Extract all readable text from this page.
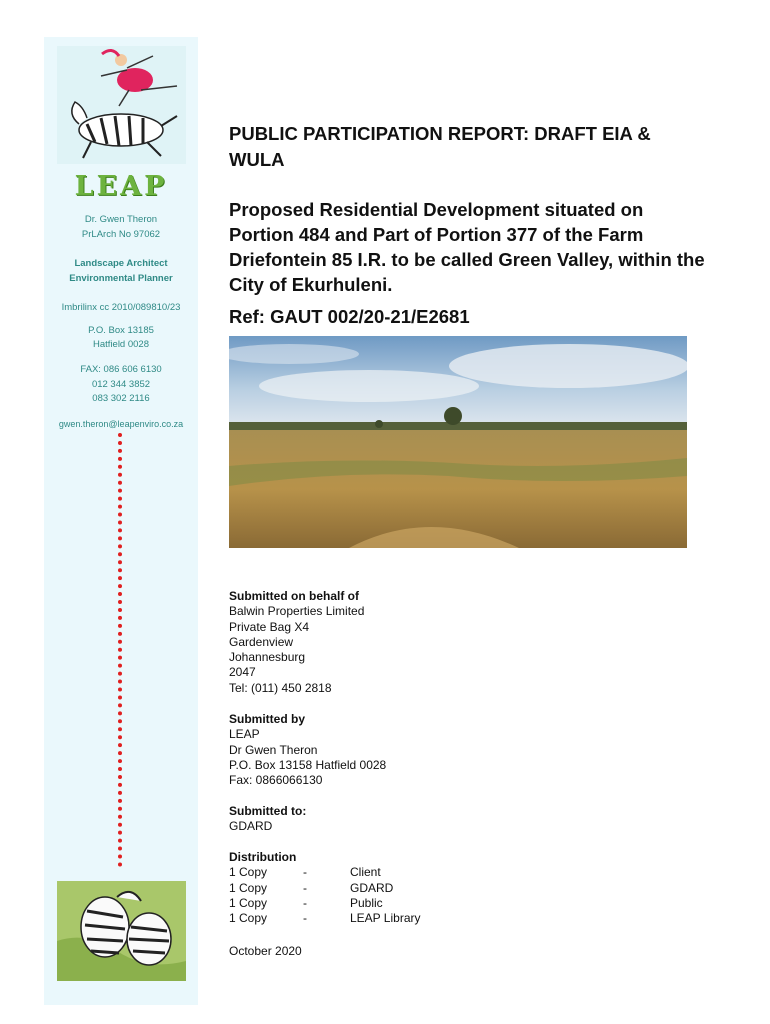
LEAP
Dr. Gwen Theron
PrLArch No 97062
Landscape Architect
Environmental Planner
Imbrilinx cc 2010/089810/23
P.O. Box 13185
Hatfield 0028
FAX: 086 606 6130
012 344 3852
083 302 2116
gwen.theron@leapenviro.co.za
PUBLIC PARTICIPATION REPORT: DRAFT EIA & WULA
Proposed Residential Development situated on Portion 484 and Part of Portion 377 of the Farm Driefontein 85 I.R. to be called Green Valley, within the City of Ekurhuleni.
Ref: GAUT 002/20-21/E2681
Submitted on behalf of
Balwin Properties Limited
Private Bag X4
Gardenview
Johannesburg
2047
Tel: (011) 450 2818
Submitted by
LEAP
Dr Gwen Theron
P.O. Box 13158 Hatfield 0028
Fax: 0866066130
Submitted to:
GDARD
Distribution
1 Copy	-	Client
1 Copy	-	GDARD
1 Copy	-	Public
1 Copy	-	LEAP Library
October 2020
